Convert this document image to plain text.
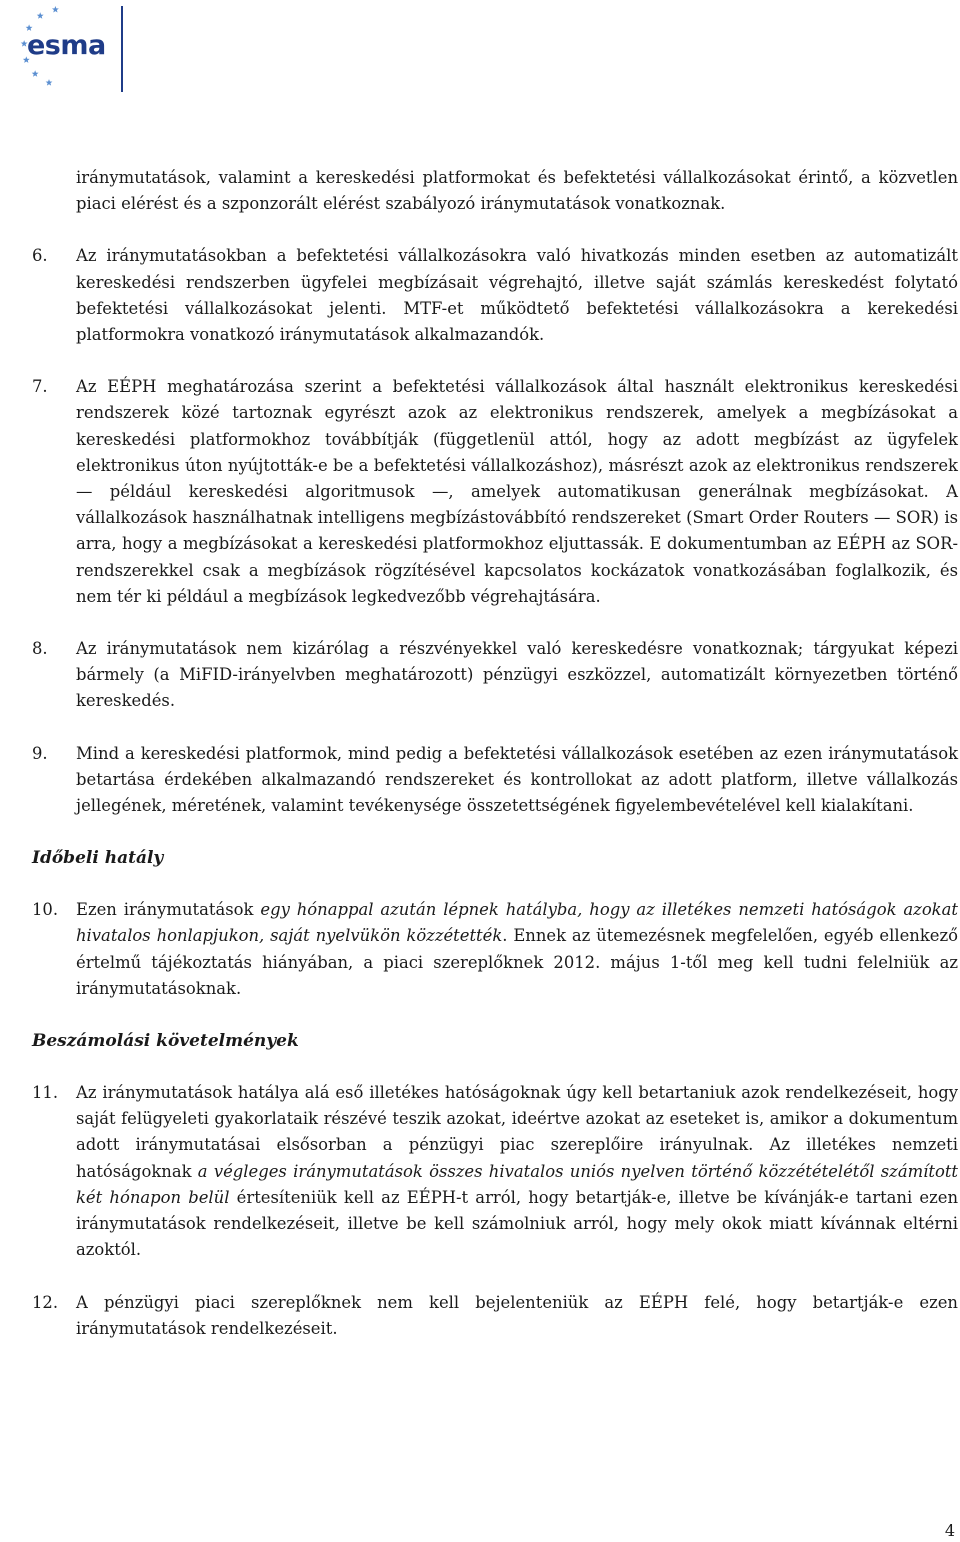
esma

iránymutatások, valamint a kereskedési platformokat és befektetési vállalkozásokat érintő, a közvetlen piaci elérést és a szponzorált elérést szabályozó iránymutatások vonatkoznak.

6. Az iránymutatásokban a befektetési vállalkozásokra való hivatkozás minden esetben az automatizált kereskedési rendszerben ügyfelei megbízásait végrehajtó, illetve saját számlás kereskedést folytató befektetési vállalkozásokat jelenti. MTF-et működtető befektetési vállalkozásokra a kerekedési platformokra vonatkozó iránymutatások alkalmazandók.

7. Az EÉPH meghatározása szerint a befektetési vállalkozások által használt elektronikus kereskedési rendszerek közé tartoznak egyrészt azok az elektronikus rendszerek, amelyek a megbízásokat a kereskedési platformokhoz továbbítják (függetlenül attól, hogy az adott megbízást az ügyfelek elektronikus úton nyújtották-e be a befektetési vállalkozáshoz), másrészt azok az elektronikus rendszerek — például kereskedési algoritmusok —, amelyek automatikusan generálnak megbízásokat. A vállalkozások használhatnak intelligens megbízástovábbító rendszereket (Smart Order Routers — SOR) is arra, hogy a megbízásokat a kereskedési platformokhoz eljuttassák. E dokumentumban az EÉPH az SOR-rendszerekkel csak a megbízások rögzítésével kapcsolatos kockázatok vonatkozásában foglalkozik, és nem tér ki például a megbízások legkedvezőbb végrehajtására.

8. Az iránymutatások nem kizárólag a részvényekkel való kereskedésre vonatkoznak; tárgyukat képezi bármely (a MiFID-irányelvben meghatározott) pénzügyi eszközzel, automatizált környezetben történő kereskedés.

9. Mind a kereskedési platformok, mind pedig a befektetési vállalkozások esetében az ezen iránymutatások betartása érdekében alkalmazandó rendszereket és kontrollokat az adott platform, illetve vállalkozás jellegének, méretének, valamint tevékenysége összetettségének figyelembevételével kell kialakítani.

Időbeli hatály
10. Ezen iránymutatások egy hónappal azután lépnek hatályba, hogy az illetékes nemzeti hatóságok azokat hivatalos honlapjukon, saját nyelvükön közzétették. Ennek az ütemezésnek megfelelően, egyéb ellenkező értelmű tájékoztatás hiányában, a piaci szereplőknek 2012. május 1-től meg kell tudni felelniük az iránymutatásoknak.

Beszámolási követelmények
11. Az iránymutatások hatálya alá eső illetékes hatóságoknak úgy kell betartaniuk azok rendelkezéseit, hogy saját felügyeleti gyakorlataik részévé teszik azokat, ideértve azokat az eseteket is, amikor a dokumentum adott iránymutatásai elsősorban a pénzügyi piac szereplőire irányulnak. Az illetékes nemzeti hatóságoknak a végleges iránymutatások összes hivatalos uniós nyelven történő közzétételétől számított két hónapon belül értesíteniük kell az EÉPH-t arról, hogy betartják-e, illetve be kívánják-e tartani ezen iránymutatások rendelkezéseit, illetve be kell számolniuk arról, hogy mely okok miatt kívánnak eltérni azoktól.

12. A pénzügyi piaci szereplőknek nem kell bejelenteniük az EÉPH felé, hogy betartják-e ezen iránymutatások rendelkezéseit.

4
